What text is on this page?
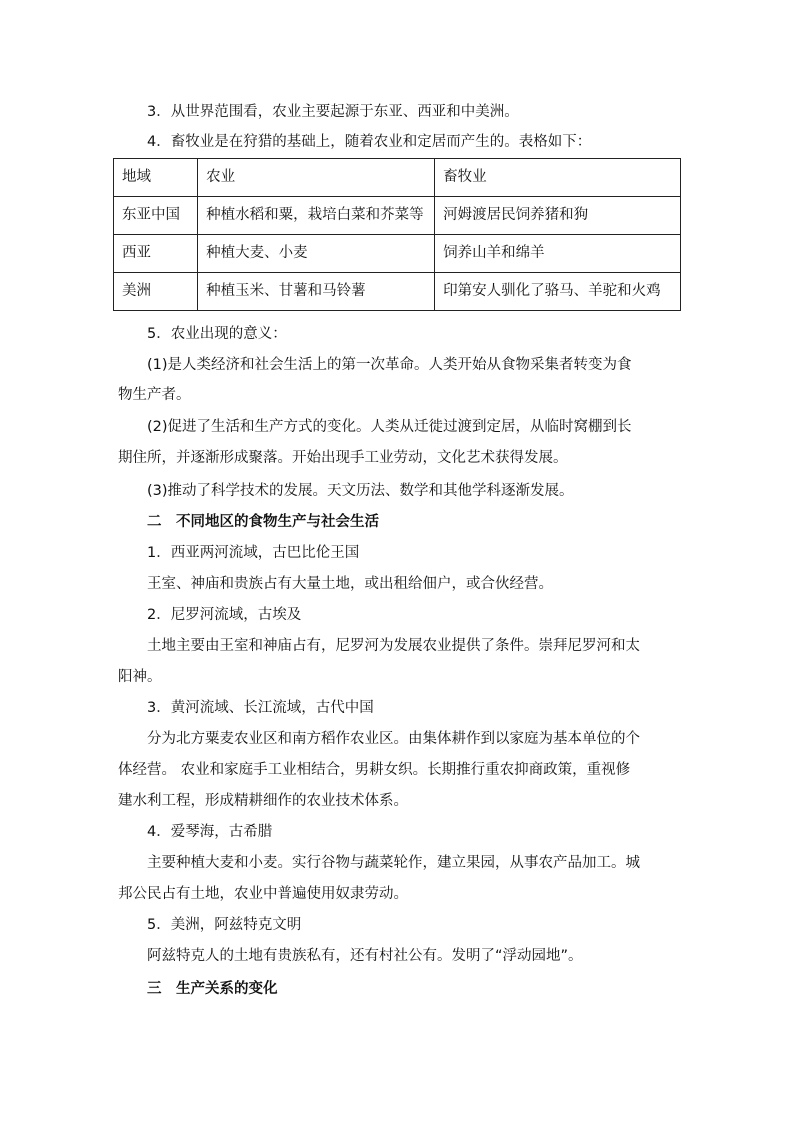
3．从世界范围看，农业主要起源于东亚、西亚和中美洲。
4．畜牧业是在狩猎的基础上，随着农业和定居而产生的。表格如下：
地域	农业	畜牧业
东亚中国	种植水稻和粟，栽培白菜和芥菜等	河姆渡居民饲养猪和狗
西亚	种植大麦、小麦	饲养山羊和绵羊
美洲	种植玉米、甘薯和马铃薯	印第安人驯化了骆马、羊驼和火鸡
5．农业出现的意义：
(1)是人类经济和社会生活上的第一次革命。人类开始从食物采集者转变为食
物生产者。
(2)促进了生活和生产方式的变化。人类从迁徙过渡到定居，从临时窝棚到长
期住所，并逐渐形成聚落。开始出现手工业劳动，文化艺术获得发展。
(3)推动了科学技术的发展。天文历法、数学和其他学科逐渐发展。
二　不同地区的食物生产与社会生活
1．西亚两河流域，古巴比伦王国
王室、神庙和贵族占有大量土地，或出租给佃户，或合伙经营。
2．尼罗河流域，古埃及
土地主要由王室和神庙占有，尼罗河为发展农业提供了条件。崇拜尼罗河和太
阳神。
3．黄河流域、长江流域，古代中国
分为北方粟麦农业区和南方稻作农业区。由集体耕作到以家庭为基本单位的个
体经营。 农业和家庭手工业相结合，男耕女织。长期推行重农抑商政策，重视修
建水利工程，形成精耕细作的农业技术体系。
4．爱琴海，古希腊
主要种植大麦和小麦。实行谷物与蔬菜轮作，建立果园，从事农产品加工。城
邦公民占有土地，农业中普遍使用奴隶劳动。
5．美洲，阿兹特克文明
阿兹特克人的土地有贵族私有，还有村社公有。发明了“浮动园地”。
三　生产关系的变化
